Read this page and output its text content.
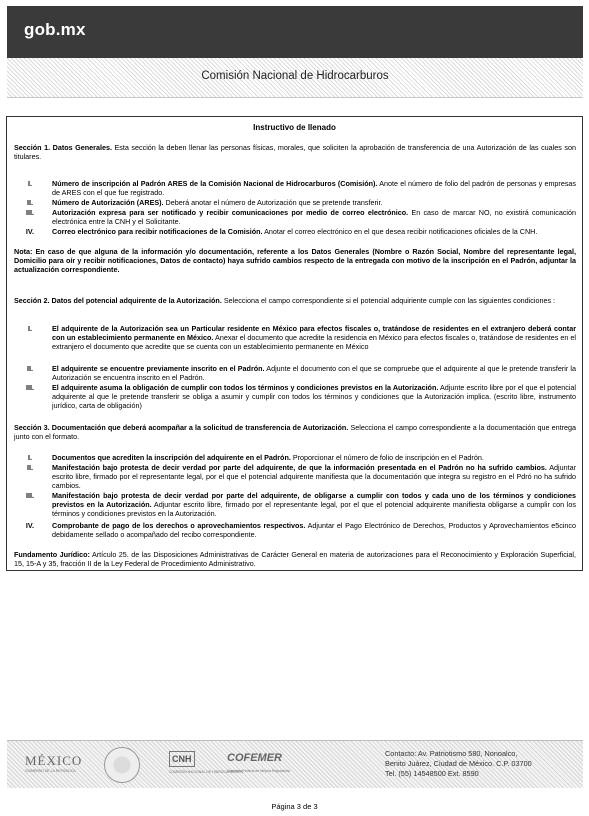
gob.mx
Comisión Nacional de Hidrocarburos
Instructivo de llenado
Sección 1. Datos Generales. Esta sección la deben llenar las personas físicas, morales, que soliciten la aprobación de transferencia de una Autorización de las cuales son titulares.
I.	Número de inscripción al Padrón ARES de la Comisión Nacional de Hidrocarburos (Comisión). Anote el número de folio del padrón de personas y empresas de ARES con el que fue registrado.
II.	Número de Autorización (ARES). Deberá anotar el número de Autorización que se pretende transferir.
III.	Autorización expresa para ser notificado y recibir comunicaciones por medio de correo electrónico. En caso de marcar NO, no existirá comunicación electrónica entre la CNH y el Solicitante.
IV.	Correo electrónico para recibir notificaciones de la Comisión. Anotar el correo electrónico en el que desea recibir notificaciones oficiales de la CNH.
Nota: En caso de que alguna de la información y/o documentación, referente a los Datos Generales (Nombre o Razón Social, Nombre del representante legal, Domicilio para oír y recibir notificaciones, Datos de contacto) haya sufrido cambios respecto de la entregada con motivo de la inscripción en el Padrón, adjuntar la actualización correspondiente.
Sección 2. Datos del potencial adquirente de la Autorización. Selecciona el campo correspondiente si el potencial adquiriente cumple con las siguientes condiciones :
I.	El adquirente de la Autorización sea un Particular residente en México para efectos fiscales o, tratándose de residentes en el extranjero deberá contar con un establecimiento permanente en México. Anexar el documento que acredite la residencia en México para efectos fiscales o, tratándose de residentes en el extranjero el documento que acredite que se cuenta con un establecimiento permanente en México
II.	El adquirente se encuentre previamente inscrito en el Padrón. Adjunte el documento con el que se compruebe que el adquirente al que le pretende transferir la Autorización se encuentra inscrito en el Padrón.
III.	El adquirente asuma la obligación de cumplir con todos los términos y condiciones previstos en la Autorización. Adjunte escrito libre por el que el potencial adquirente al que le pretende transferir se obliga a asumir y cumplir con todos los términos y condiciones que la Autorización implica. (escrito libre, instrumento jurídico, carta de obligación)
Sección 3. Documentación que deberá acompañar a la solicitud de transferencia de Autorización. Selecciona el campo correspondiente a la documentación que entrega junto con el formato.
I.	Documentos que acrediten la inscripción del adquirente en el Padrón. Proporcionar el número de folio de inscripción en el Padrón.
II.	Manifestación bajo protesta de decir verdad por parte del adquirente, de que la información presentada en el Padrón no ha sufrido cambios. Adjuntar escrito libre, firmado por el representante legal, por el que el potencial adquirente manifiesta que la documentación que integra su registro en el Pdró no ha sufrido cambios.
III.	Manifestación bajo protesta de decir verdad por parte del adquirente, de obligarse a cumplir con todos y cada uno de los términos y condiciones previstos en la Autorización. Adjuntar escrito libre, firmado por el representante legal, por el que el potencial adquirente manifiesta obligarse a cumplir con los términos y condiciones previstos en la Autorización.
IV.	Comprobante de pago de los derechos o aprovechamientos respectivos. Adjuntar el Pago Electrónico de Derechos, Productos y Aprovechamientos e5cinco debidamente sellado o acompañado del recibo correspondiente.
Fundamento Jurídico: Artículo 25. de las Disposiciones Administrativas de Carácter General en materia de autorizaciones para el Reconocimiento y Exploración Superficial, 15, 15-A y 35, fracción II de la Ley Federal de Procedimiento Administrativo.
MÉXICO
GOBIERNO DE LA REPÚBLICA
CNH
COMISIÓN NACIONAL DE HIDROCARBUROS
COFEMER
Comisión Federal de Mejora Regulatoria
Contacto: Av. Patriotismo 580, Nonoalco,
Benito Juárez, Ciudad de México. C.P. 03700
Tel. (55) 14548500 Ext. 8590
Página 3 de 3
